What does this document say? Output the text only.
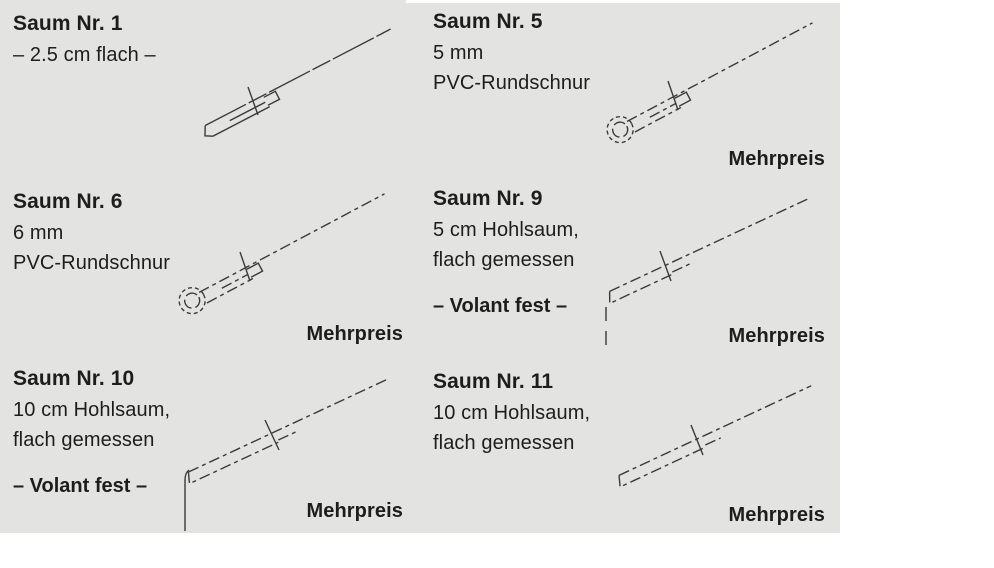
Saum Nr. 1

– 2.5 cm flach –

Saum Nr. 5

5 mm

PVC-Rundschnur

Mehrpreis
Saum Nr. 6

6 mm

PVC-Rundschnur

Mehrpreis
Saum Nr. 9

5 cm Hohlsaum,

flach gemessen

– Volant fest –

Mehrpreis
Saum Nr. 10

10 cm Hohlsaum,

flach gemessen

– Volant fest –

Mehrpreis
Saum Nr. 11

10 cm Hohlsaum,

flach gemessen

Mehrpreis
